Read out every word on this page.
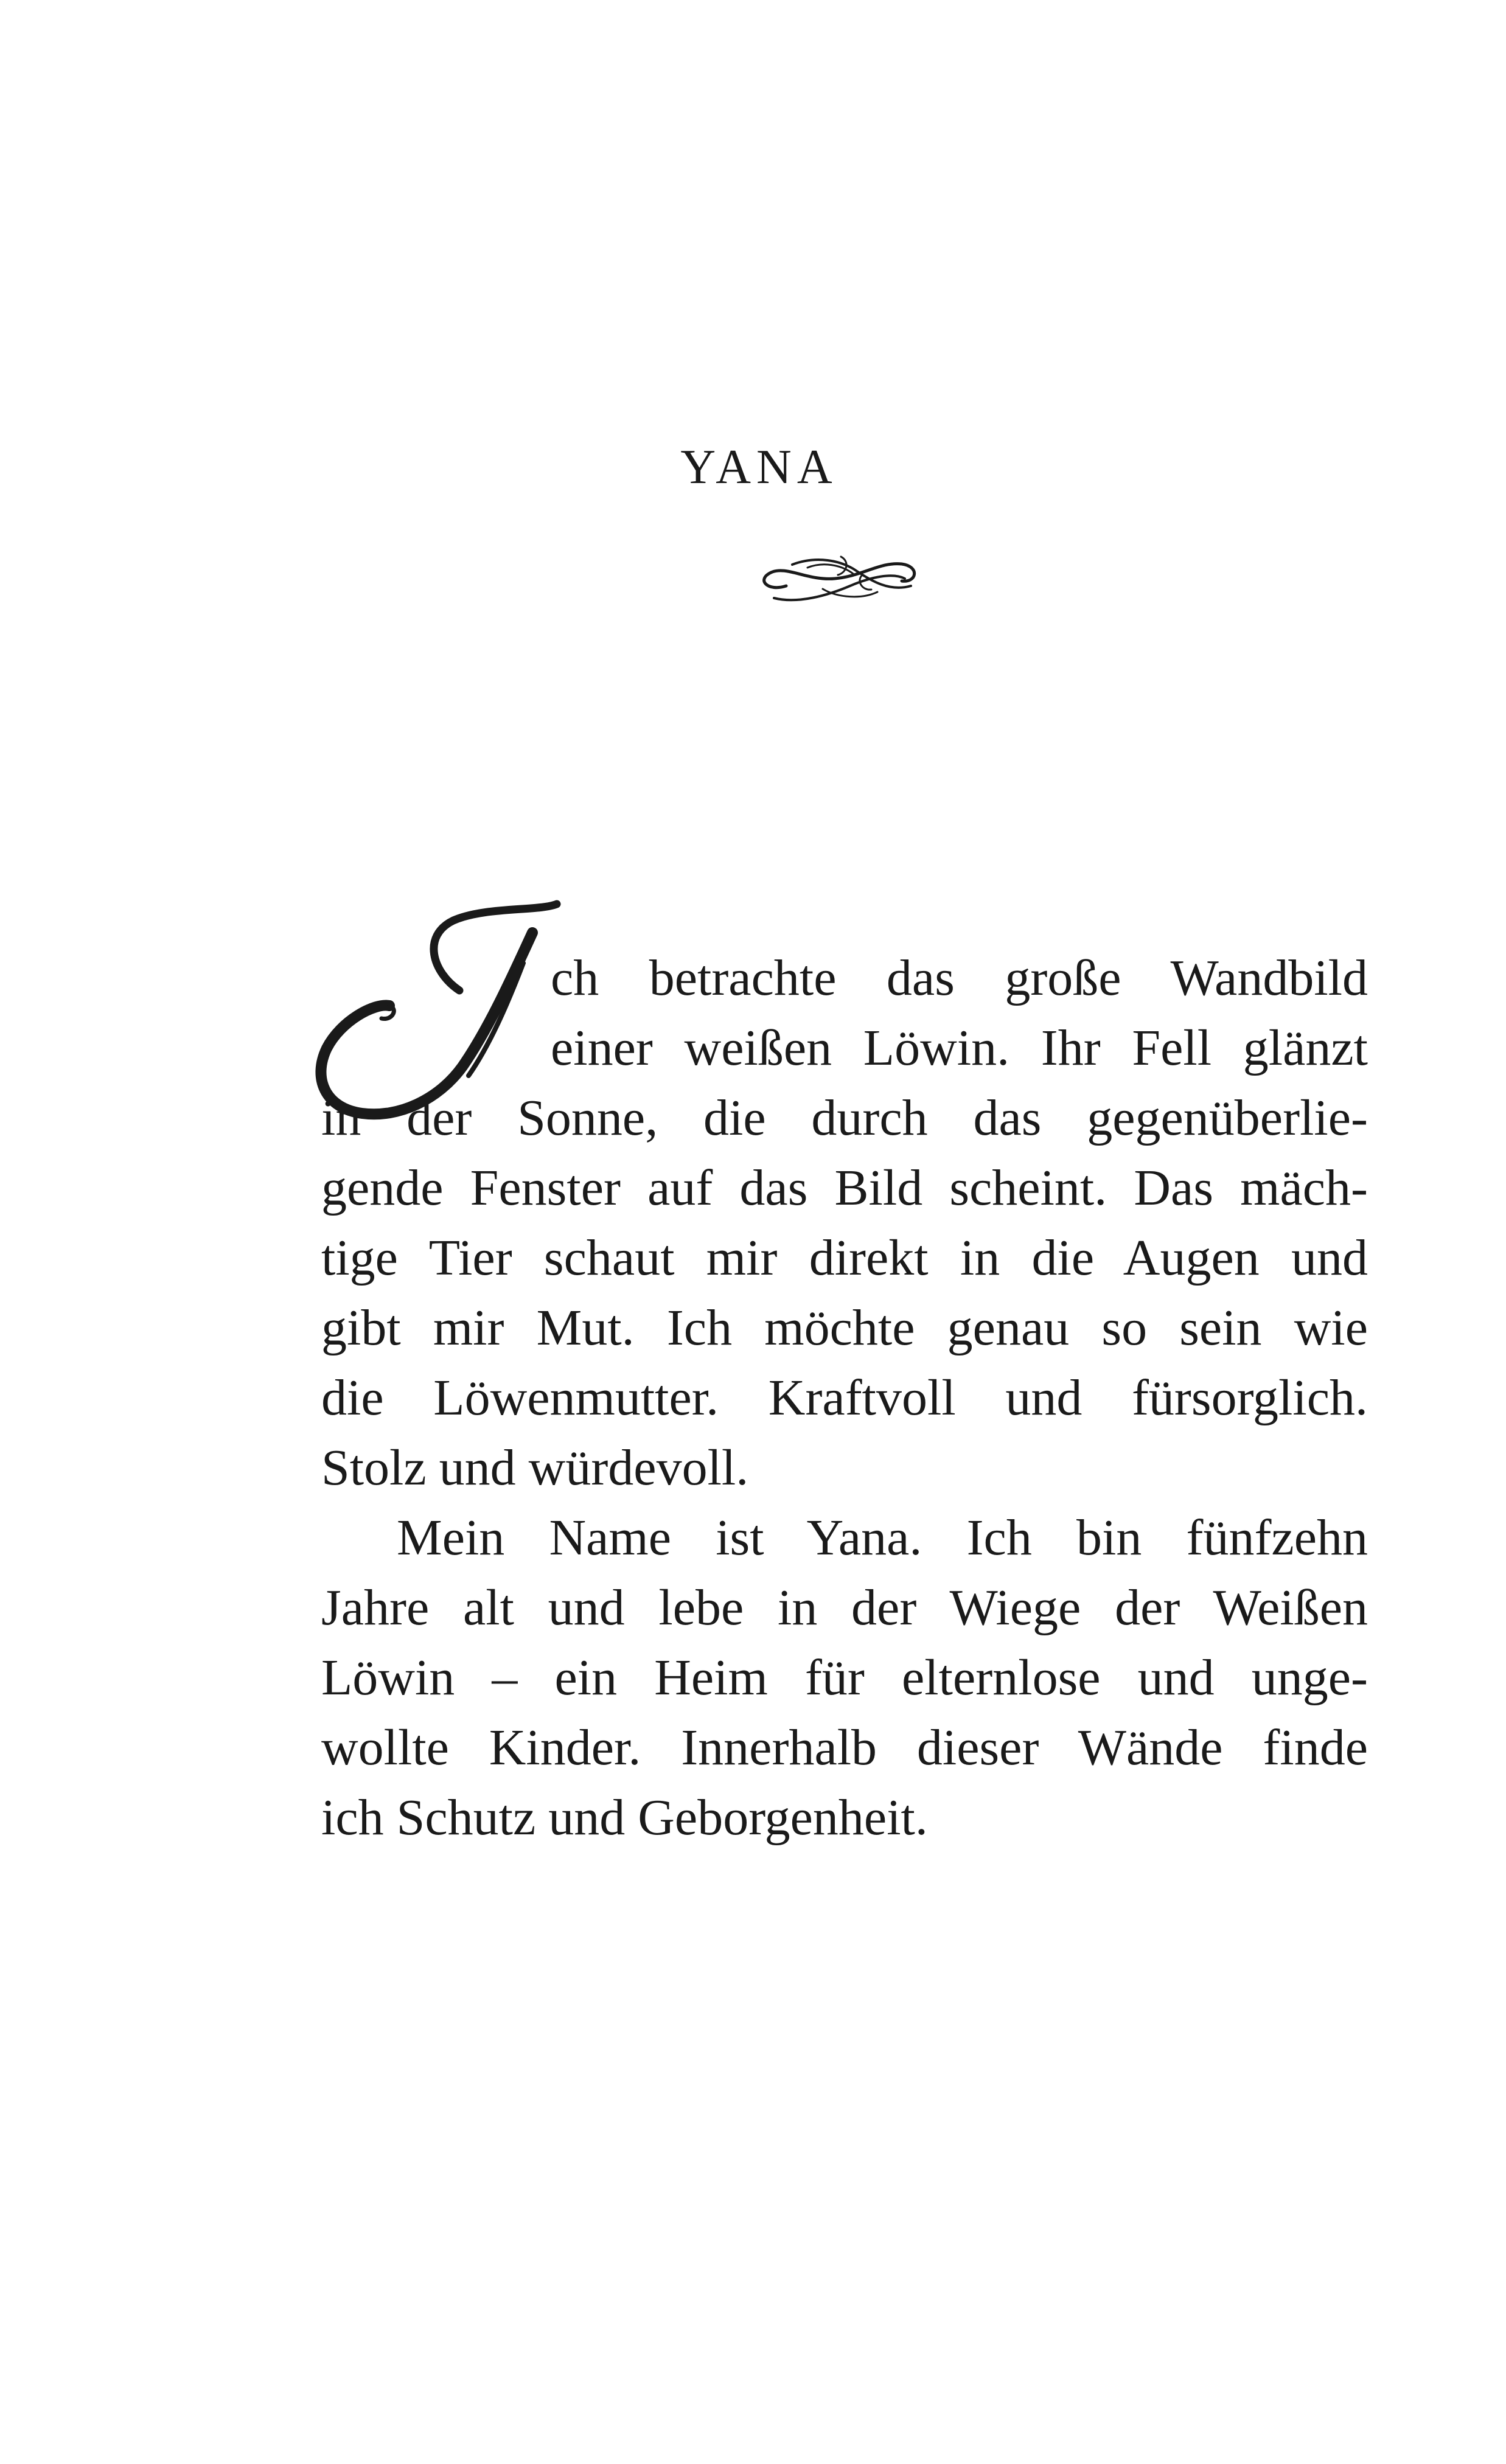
YANA
ch betrachte das große Wandbild
einer weißen Löwin. Ihr Fell glänzt
in der Sonne, die durch das gegenüberlie-
gende Fenster auf das Bild scheint. Das mäch-
tige Tier schaut mir direkt in die Augen und
gibt mir Mut. Ich möchte genau so sein wie
die Löwenmutter. Kraftvoll und fürsorglich.
Stolz und würdevoll.
Mein Name ist Yana. Ich bin fünfzehn
Jahre alt und lebe in der Wiege der Weißen
Löwin – ein Heim für elternlose und unge-
wollte Kinder. Innerhalb dieser Wände finde
ich Schutz und Geborgenheit.
